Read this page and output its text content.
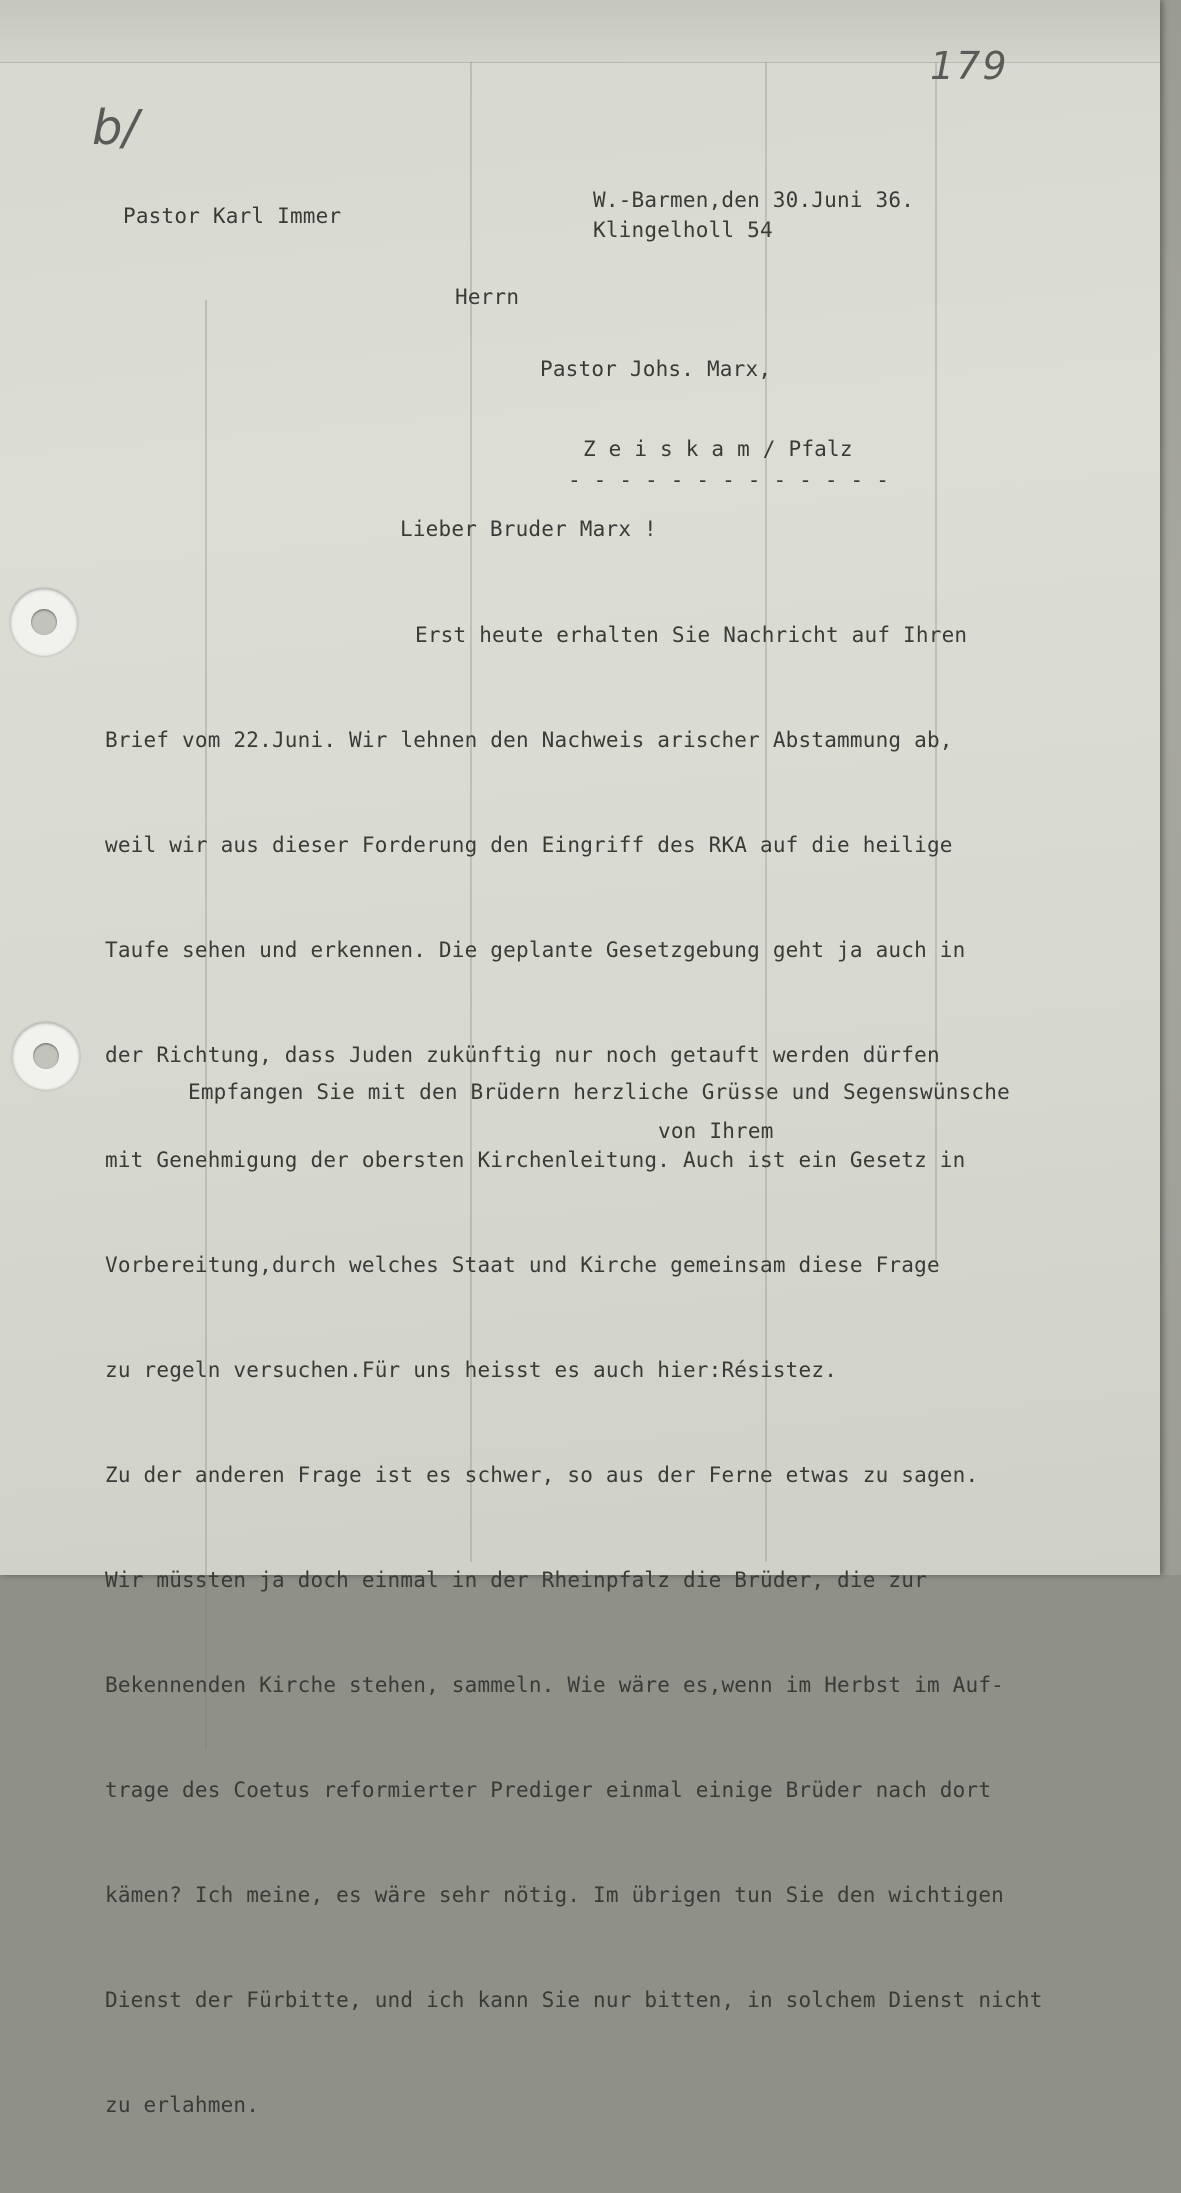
179
b/
Pastor Karl Immer
W.-Barmen,den 30.Juni 36.
Klingelholl 54
Herrn
Pastor Johs. Marx,
Z e i s k a m / Pfalz
- - - - - - - - - - - - -
Lieber Bruder Marx !

Erst heute erhalten Sie Nachricht auf Ihren

Brief vom 22.Juni. Wir lehnen den Nachweis arischer Abstammung ab,

weil wir aus dieser Forderung den Eingriff des RKA auf die heilige

Taufe sehen und erkennen. Die geplante Gesetzgebung geht ja auch in

der Richtung, dass Juden zukünftig nur noch getauft werden dürfen

mit Genehmigung der obersten Kirchenleitung. Auch ist ein Gesetz in

Vorbereitung,durch welches Staat und Kirche gemeinsam diese Frage

zu regeln versuchen.Für uns heisst es auch hier:Résistez.

Zu der anderen Frage ist es schwer, so aus der Ferne etwas zu sagen.

Wir müssten ja doch einmal in der Rheinpfalz die Brüder, die zur

Bekennenden Kirche stehen, sammeln. Wie wäre es,wenn im Herbst im Auf-

trage des Coetus reformierter Prediger einmal einige Brüder nach dort

kämen? Ich meine, es wäre sehr nötig. Im übrigen tun Sie den wichtigen

Dienst der Fürbitte, und ich kann Sie nur bitten, in solchem Dienst nicht

zu erlahmen.

Empfangen Sie mit den Brüdern herzliche Grüsse und Segenswünsche
von Ihrem
